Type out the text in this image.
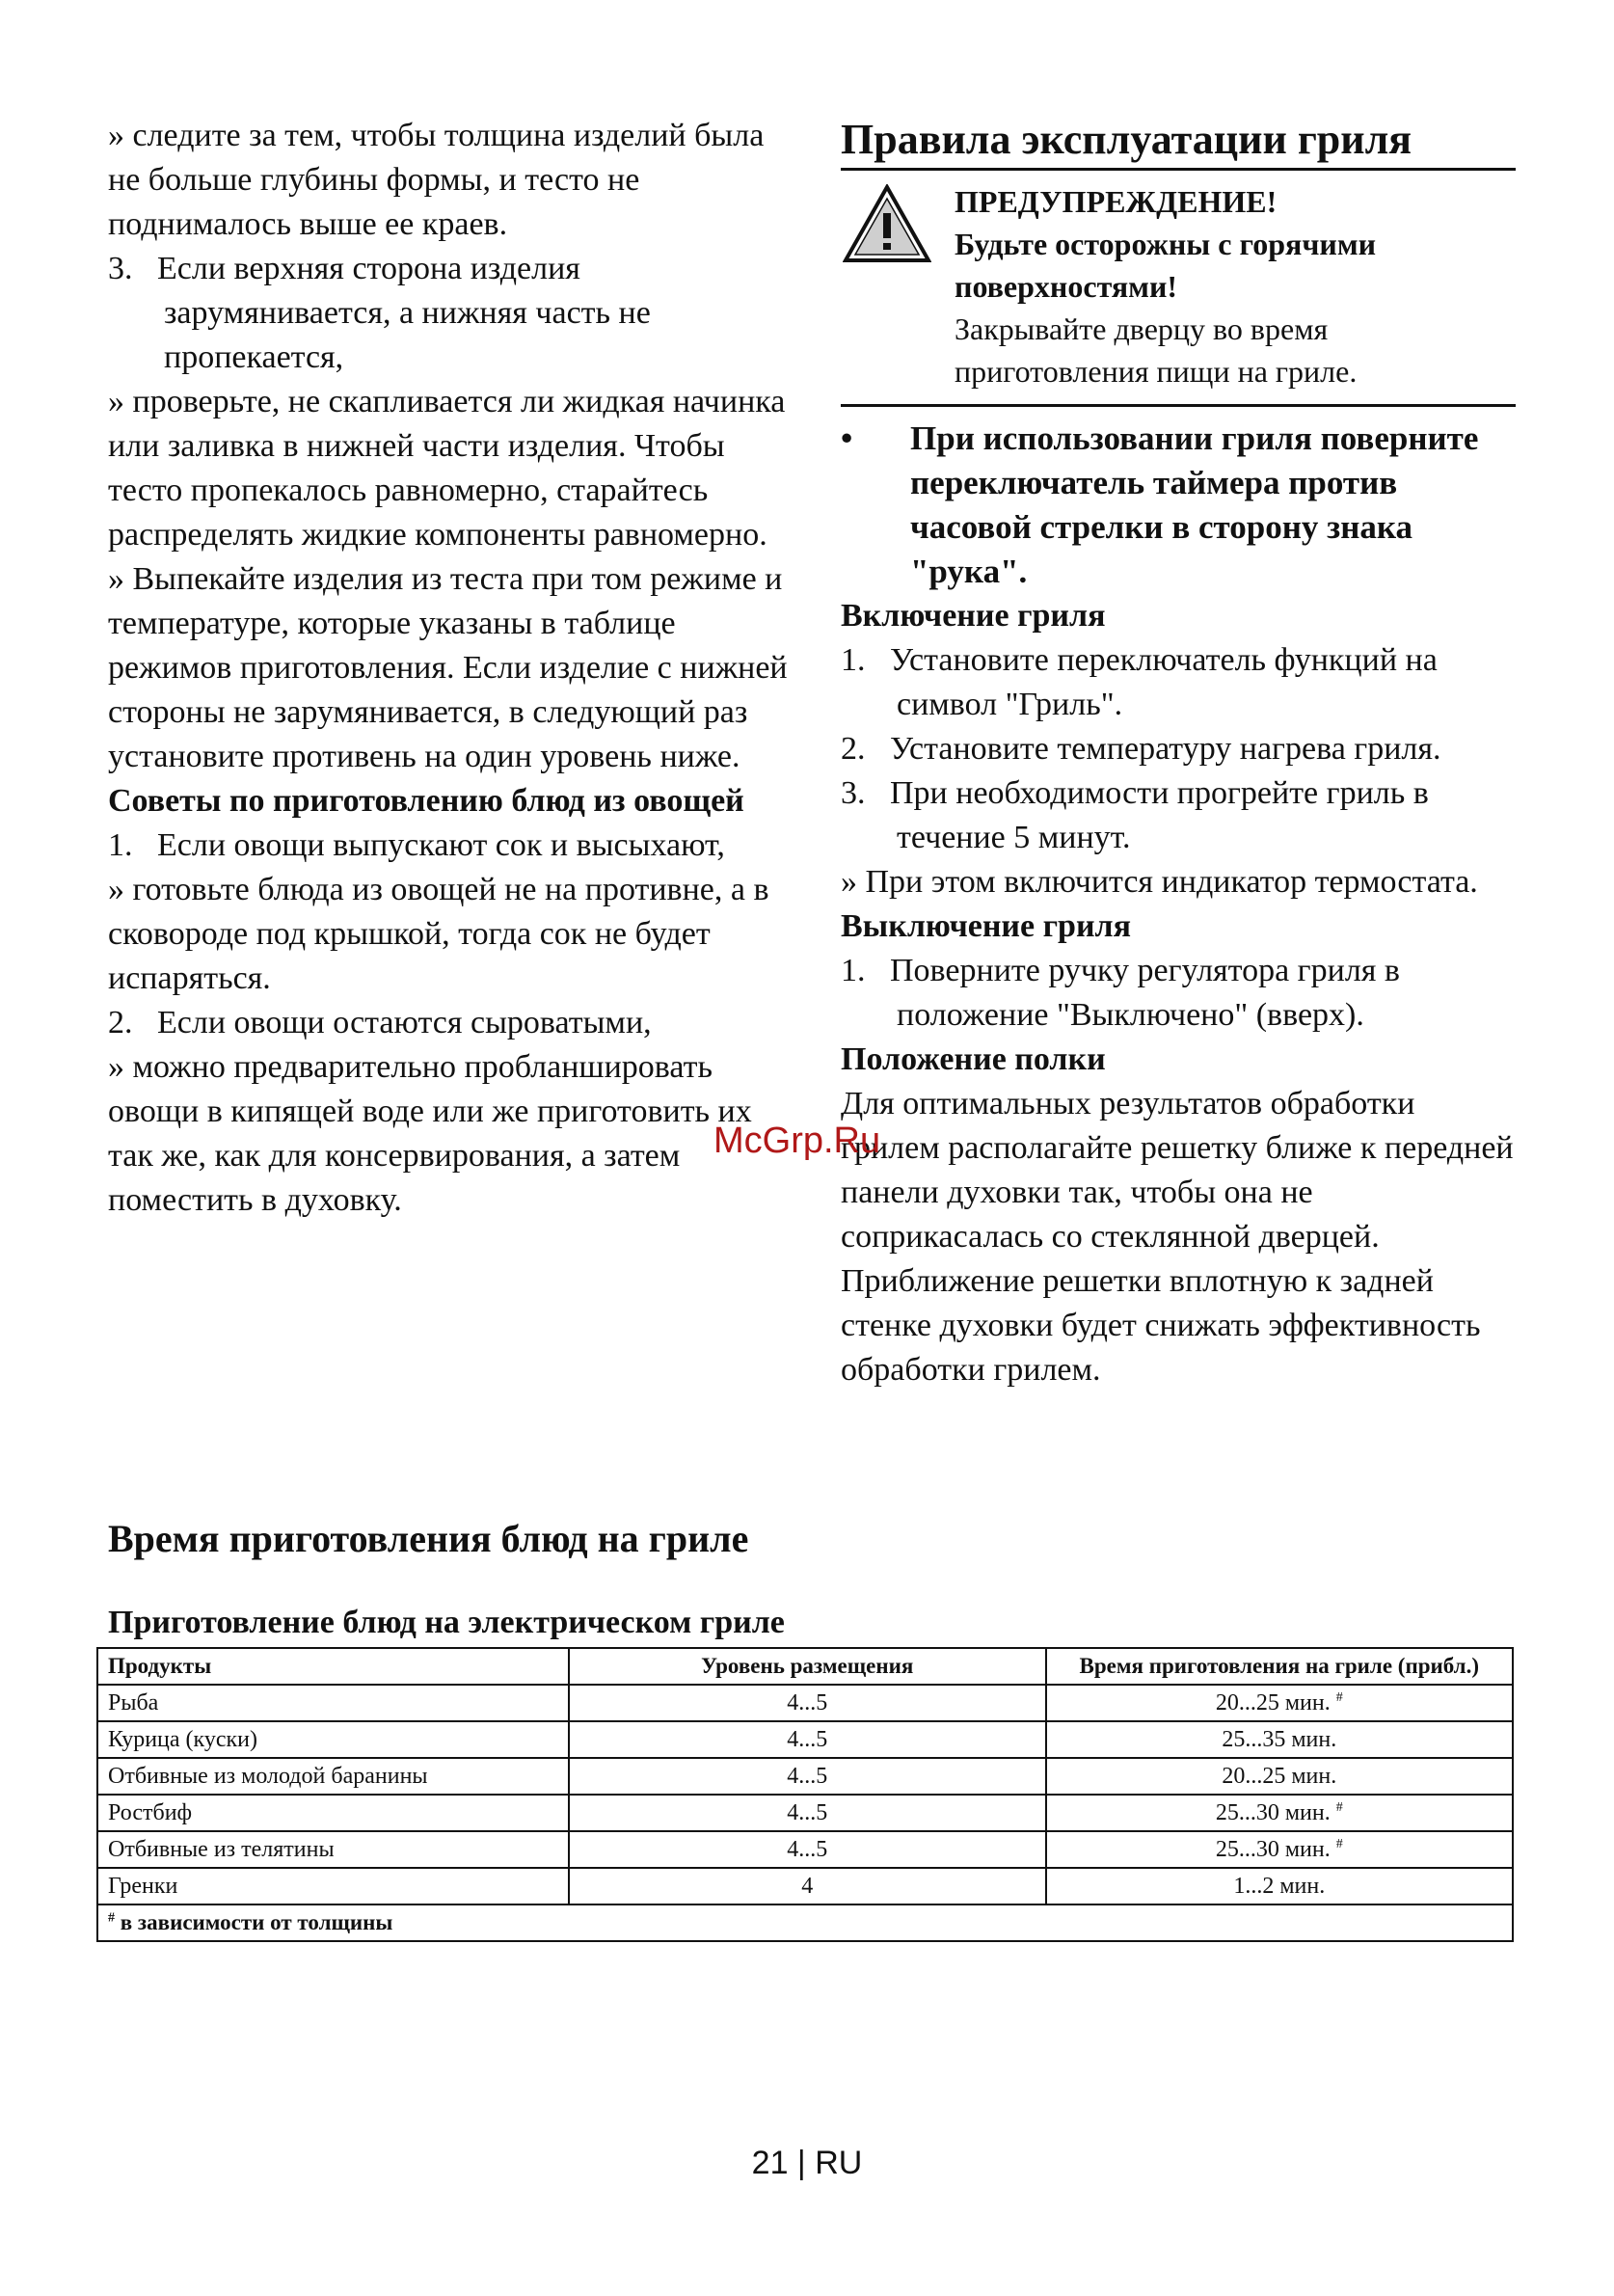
» следите за тем, чтобы толщина изделий была не больше глубины формы, и тесто не поднималось выше ее краев.
3. Если верхняя сторона изделия зарумянивается, а нижняя часть не пропекается,
» проверьте, не скапливается ли жидкая начинка или заливка в нижней части изделия. Чтобы тесто пропекалось равномерно, старайтесь распределять жидкие компоненты равномерно.
» Выпекайте изделия из теста при том режиме и температуре, которые указаны в таблице режимов приготовления. Если изделие с нижней стороны не зарумянивается, в следующий раз установите противень на один уровень ниже.
Советы по приготовлению блюд из овощей
1. Если овощи выпускают сок и высыхают,
» готовьте блюда из овощей не на противне, а в сковороде под крышкой, тогда сок не будет испаряться.
2. Если овощи остаются сыроватыми,
» можно предварительно пробланшировать овощи в кипящей воде или же приготовить их так же, как для консервирования, а затем поместить в духовку.
Правила эксплуатации гриля
ПРЕДУПРЕЖДЕНИЕ!
Будьте осторожны с горячими поверхностями!
Закрывайте дверцу во время приготовления пищи на гриле.
• При использовании гриля поверните переключатель таймера против часовой стрелки в сторону знака "рука".
Включение гриля
1. Установите переключатель функций на символ "Гриль".
2. Установите температуру нагрева гриля.
3. При необходимости прогрейте гриль в течение 5 минут.
» При этом включится индикатор термостата.
Выключение гриля
1. Поверните ручку регулятора гриля в положение "Выключено" (вверх).
Положение полки
Для оптимальных результатов обработки грилем располагайте решетку ближе к передней панели духовки так, чтобы она не соприкасалась со стеклянной дверцей. Приближение решетки вплотную к задней стенке духовки будет снижать эффективность обработки грилем.
McGrp.Ru
Время приготовления блюд на гриле
Приготовление блюд на электрическом гриле
Продукты	Уровень размещения	Время приготовления на гриле (прибл.)
Рыба	4...5	20...25 мин. #
Курица (куски)	4...5	25...35 мин.
Отбивные из молодой баранины	4...5	20...25 мин.
Ростбиф	4...5	25...30 мин. #
Отбивные из телятины	4...5	25...30 мин. #
Гренки	4	1...2 мин.
# в зависимости от толщины		
21 | RU
